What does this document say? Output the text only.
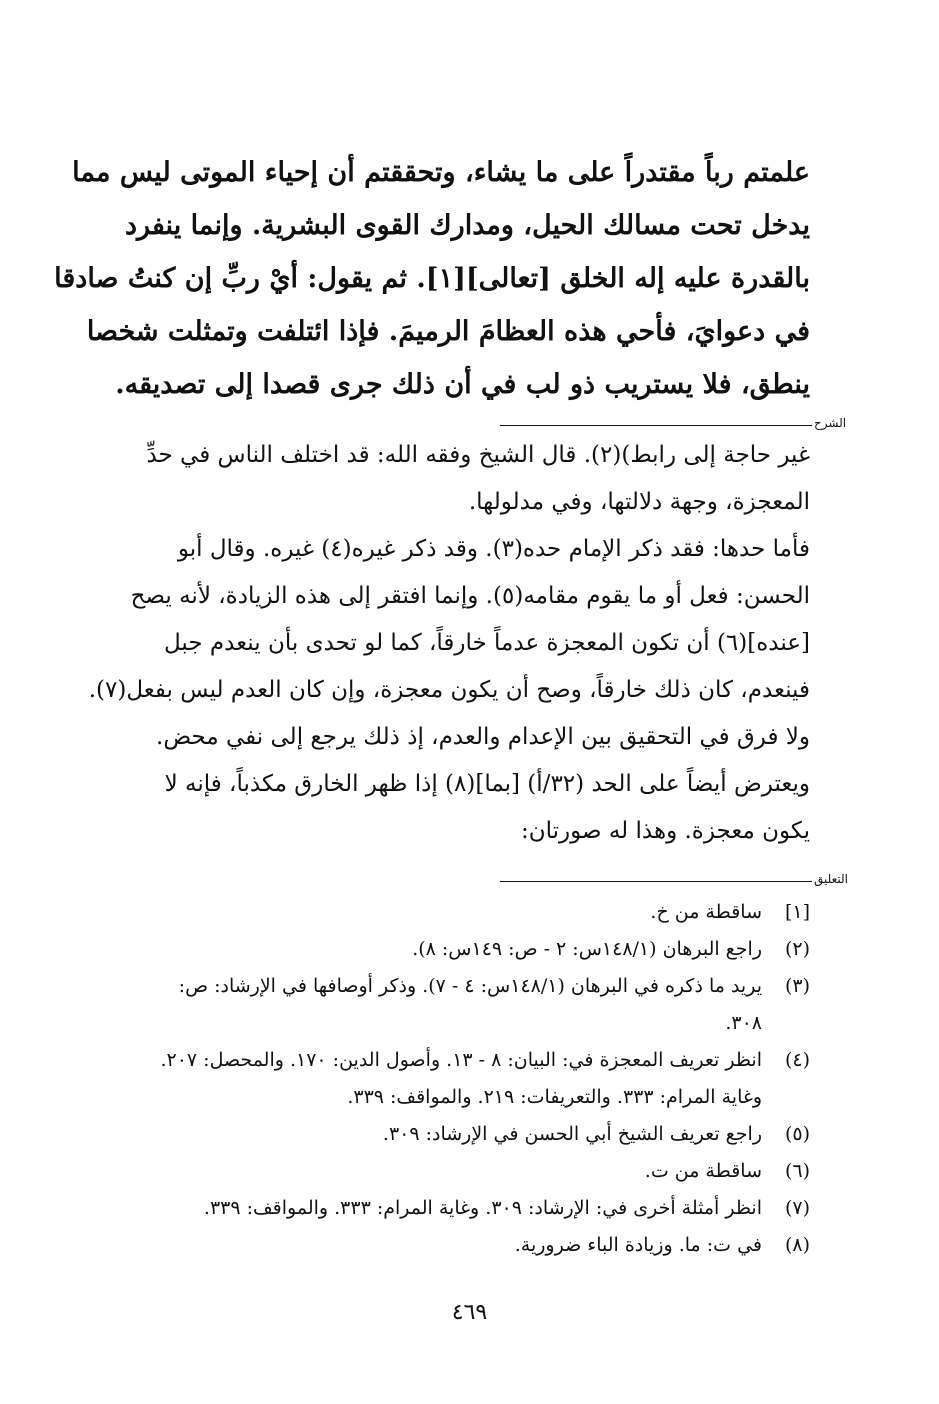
علمتم رباً مقتدراً على ما يشاء، وتحققتم أن إحياء الموتى ليس مما
يدخل تحت مسالك الحيل، ومدارك القوى البشرية. وإنما ينفرد
بالقدرة عليه إله الخلق [تعالى][١]. ثم يقول: أيْ ربِّ إن كنتُ صادقا
في دعوايَ، فأحي هذه العظامَ الرميمَ. فإذا ائتلفت وتمثلت شخصا
ينطق، فلا يستريب ذو لب في أن ذلك جرى قصدا إلى تصديقه.
الشرح
غير حاجة إلى رابط)(٢). قال الشيخ وفقه الله: قد اختلف الناس في حدِّ
المعجزة، وجهة دلالتها، وفي مدلولها.
فأما حدها: فقد ذكر الإمام حده(٣). وقد ذكر غيره(٤) غيره. وقال أبو
الحسن: فعل أو ما يقوم مقامه(٥). وإنما افتقر إلى هذه الزيادة، لأنه يصح
[عنده](٦) أن تكون المعجزة عدماً خارقاً، كما لو تحدى بأن ينعدم جبل
فينعدم، كان ذلك خارقاً، وصح أن يكون معجزة، وإن كان العدم ليس بفعل(٧).
ولا فرق في التحقيق بين الإعدام والعدم، إذ ذلك يرجع إلى نفي محض.
ويعترض أيضاً على الحد (٣٢/أ) [بما](٨) إذا ظهر الخارق مكذباً، فإنه لا
يكون معجزة. وهذا له صورتان:
التعليق
[١]
ساقطة من خ.
(٢)
راجع البرهان (١٤٨/١س: ٢ - ص: ١٤٩س: ٨).
(٣)
يريد ما ذكره في البرهان (١٤٨/١س: ٤ - ٧). وذكر أوصافها في الإرشاد: ص:
٣٠٨.
(٤)
انظر تعريف المعجزة في: البيان: ٨ - ١٣. وأصول الدين: ١٧٠. والمحصل: ٢٠٧.
وغاية المرام: ٣٣٣. والتعريفات: ٢١٩. والمواقف: ٣٣٩.
(٥)
راجع تعريف الشيخ أبي الحسن في الإرشاد: ٣٠٩.
(٦)
ساقطة من ت.
(٧)
انظر أمثلة أخرى في: الإرشاد: ٣٠٩. وغاية المرام: ٣٣٣. والمواقف: ٣٣٩.
(٨)
في ت: ما. وزيادة الباء ضرورية.
٤٦٩
